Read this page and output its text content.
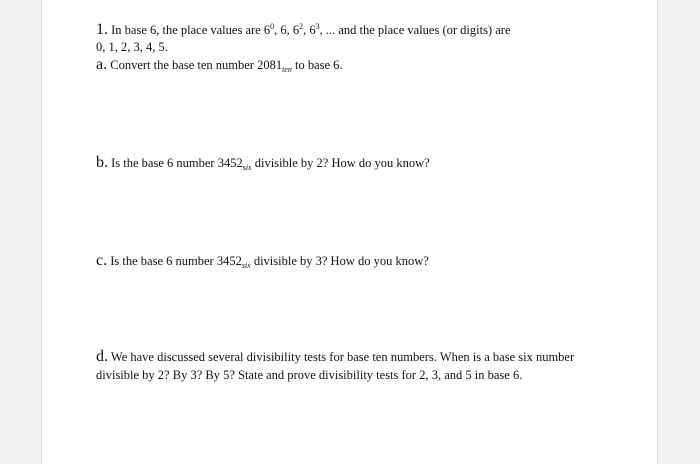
1. In base 6, the place values are $6^0$, 6, $6^2$, $6^3$, ... and the place values (or digits) are
0, 1, 2, 3, 4, 5.
a. Convert the base ten number $2081_{ten}$ to base 6.
b. Is the base 6 number $3452_{six}$ divisible by 2? How do you know?
c. Is the base 6 number $3452_{six}$ divisible by 3? How do you know?
d. We have discussed several divisibility tests for base ten numbers. When is a base six number
divisible by 2? By 3? By 5? State and prove divisibility tests for 2, 3, and 5 in base 6.
